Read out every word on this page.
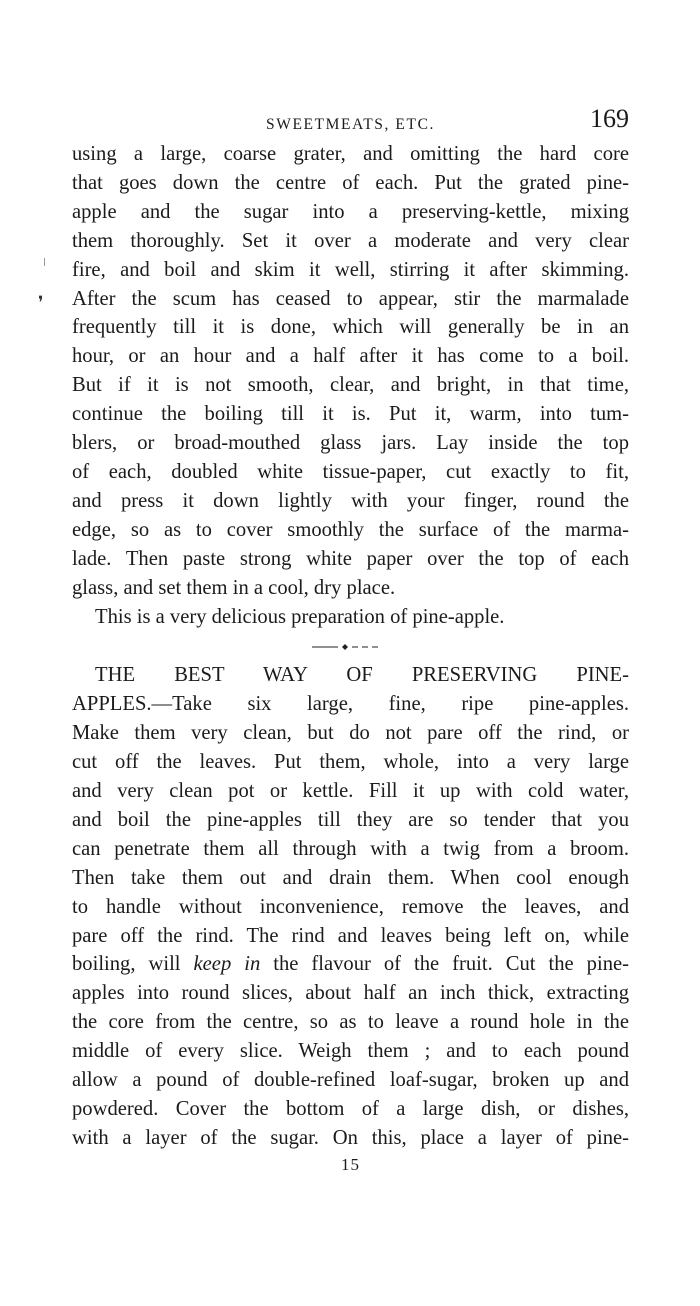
❜
SWEETMEATS, ETC.	169
using a large, coarse grater, and omitting the hard core
that goes down the centre of each. Put the grated pine-
apple and the sugar into a preserving-kettle, mixing
them thoroughly. Set it over a moderate and very clear
fire, and boil and skim it well, stirring it after skimming.
After the scum has ceased to appear, stir the marmalade
frequently till it is done, which will generally be in an
hour, or an hour and a half after it has come to a boil.
But if it is not smooth, clear, and bright, in that time,
continue the boiling till it is. Put it, warm, into tum-
blers, or broad-mouthed glass jars. Lay inside the top
of each, doubled white tissue-paper, cut exactly to fit,
and press it down lightly with your finger, round the
edge, so as to cover smoothly the surface of the marma-
lade. Then paste strong white paper over the top of each
glass, and set them in a cool, dry place.
This is a very delicious preparation of pine-apple.
THE BEST WAY OF PRESERVING PINE-
APPLES.—Take six large, fine, ripe pine-apples.
Make them very clean, but do not pare off the rind, or
cut off the leaves. Put them, whole, into a very large
and very clean pot or kettle. Fill it up with cold water,
and boil the pine-apples till they are so tender that you
can penetrate them all through with a twig from a broom.
Then take them out and drain them. When cool enough
to handle without inconvenience, remove the leaves, and
pare off the rind. The rind and leaves being left on, while
boiling, will keep in the flavour of the fruit. Cut the pine-
apples into round slices, about half an inch thick, extracting
the core from the centre, so as to leave a round hole in the
middle of every slice. Weigh them ; and to each pound
allow a pound of double-refined loaf-sugar, broken up and
powdered. Cover the bottom of a large dish, or dishes,
with a layer of the sugar. On this, place a layer of pine-
15
